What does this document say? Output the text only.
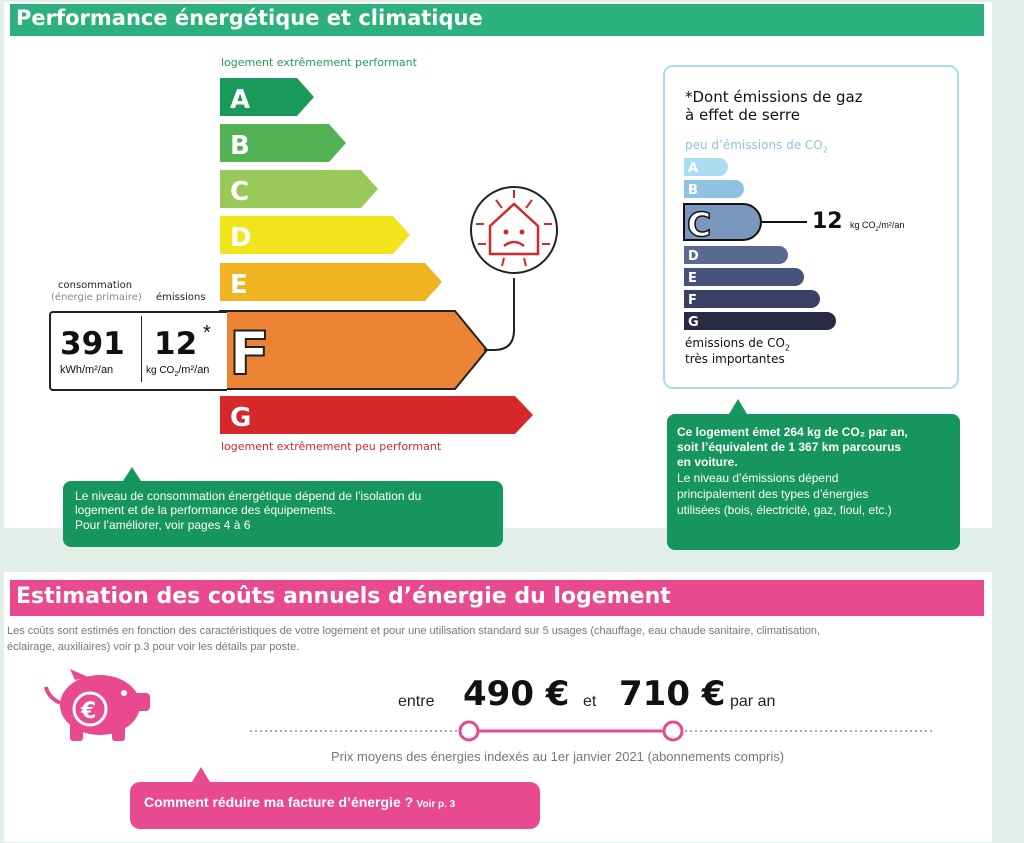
Performance énergétique et climatique
logement extrêmement performant
A
B
C
D
E
F
G
logement extrêmement peu performant
consommation
(énergie primaire) émissions
391
kWh/m²/an
12 *
kg $CO_2/m^2/an$
Le niveau de consommation énergétique dépend de l’isolation du
logement et de la performance des équipements.
Pour l’améliorer, voir pages 4 à 6
*Dont émissions de gaz
à effet de serre
peu d’émissions de $CO_2$
A
B
C
D
E
F
G
12 kg $CO_2/m^2/an$
émissions de $CO_2$
très importantes
Ce logement émet 264 kg de CO₂ par an,
soit l’équivalent de 1 367 km parcourus
en voiture.
Le niveau d’émissions dépend
principalement des types d’énergies
utilisées (bois, électricité, gaz, fioul, etc.)
Estimation des coûts annuels d’énergie du logement
Les coûts sont estimés en fonction des caractéristiques de votre logement et pour une utilisation standard sur 5 usages (chauffage, eau chaude sanitaire, climatisation,
éclairage, auxiliaires) voir p.3 pour voir les détails par poste.
€	entre 490 € et 710 € par an
Prix moyens des énergies indexés au 1er janvier 2021 (abonnements compris)
Comment réduire ma facture d’énergie ? Voir p. 3
